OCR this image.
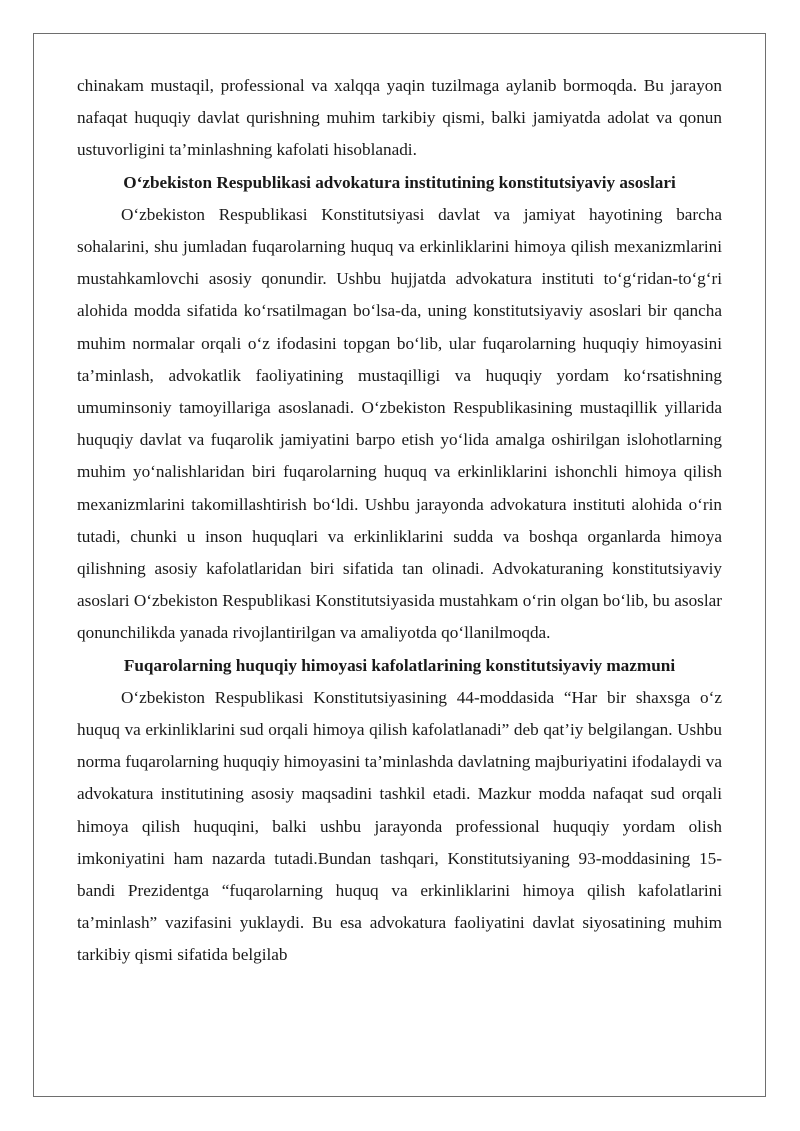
chinakam mustaqil, professional va xalqqa yaqin tuzilmaga aylanib bormoqda. Bu jarayon nafaqat huquqiy davlat qurishning muhim tarkibiy qismi, balki jamiyatda adolat va qonun ustuvorligini ta’minlashning kafolati hisoblanadi.

O‘zbekiston Respublikasi advokatura institutining konstitutsiyaviy asoslari

O‘zbekiston Respublikasi Konstitutsiyasi davlat va jamiyat hayotining barcha sohalarini, shu jumladan fuqarolarning huquq va erkinliklarini himoya qilish mexanizmlarini mustahkamlovchi asosiy qonundir. Ushbu hujjatda advokatura instituti to‘g‘ridan-to‘g‘ri alohida modda sifatida ko‘rsatilmagan bo‘lsa-da, uning konstitutsiyaviy asoslari bir qancha muhim normalar orqali o‘z ifodasini topgan bo‘lib, ular fuqarolarning huquqiy himoyasini ta’minlash, advokatlik faoliyatining mustaqilligi va huquqiy yordam ko‘rsatishning umuminsoniy tamoyillariga asoslanadi. O‘zbekiston Respublikasining mustaqillik yillarida huquqiy davlat va fuqarolik jamiyatini barpo etish yo‘lida amalga oshirilgan islohotlarning muhim yo‘nalishlaridan biri fuqarolarning huquq va erkinliklarini ishonchli himoya qilish mexanizmlarini takomillashtirish bo‘ldi. Ushbu jarayonda advokatura instituti alohida o‘rin tutadi, chunki u inson huquqlari va erkinliklarini sudda va boshqa organlarda himoya qilishning asosiy kafolatlaridan biri sifatida tan olinadi. Advokaturaning konstitutsiyaviy asoslari O‘zbekiston Respublikasi Konstitutsiyasida mustahkam o‘rin olgan bo‘lib, bu asoslar qonunchilikda yanada rivojlantirilgan va amaliyotda qo‘llanilmoqda.

Fuqarolarning huquqiy himoyasi kafolatlarining konstitutsiyaviy mazmuni

O‘zbekiston Respublikasi Konstitutsiyasining 44-moddasida “Har bir shaxsga o‘z huquq va erkinliklarini sud orqali himoya qilish kafolatlanadi” deb qat’iy belgilangan. Ushbu norma fuqarolarning huquqiy himoyasini ta’minlashda davlatning majburiyatini ifodalaydi va advokatura institutining asosiy maqsadini tashkil etadi. Mazkur modda nafaqat sud orqali himoya qilish huquqini, balki ushbu jarayonda professional huquqiy yordam olish imkoniyatini ham nazarda tutadi.Bundan tashqari, Konstitutsiyaning 93-moddasining 15-bandi Prezidentga “fuqarolarning huquq va erkinliklarini himoya qilish kafolatlarini ta’minlash” vazifasini yuklaydi. Bu esa advokatura faoliyatini davlat siyosatining muhim tarkibiy qismi sifatida belgilab
